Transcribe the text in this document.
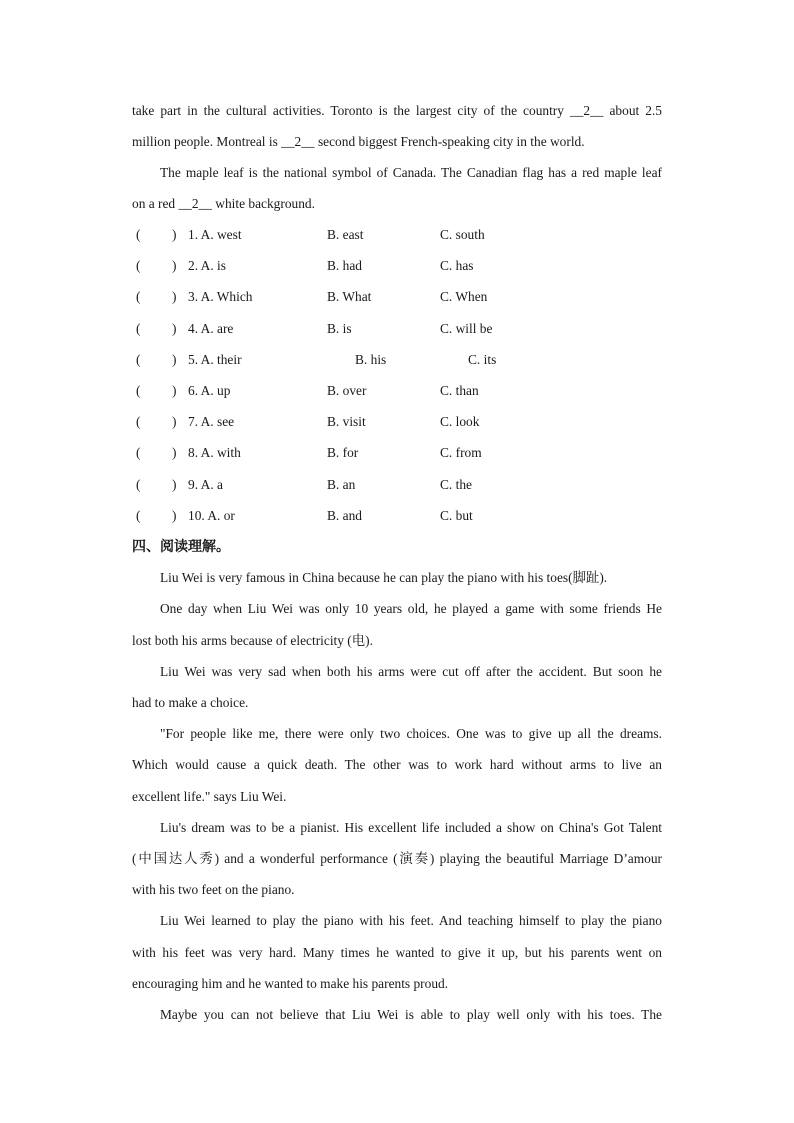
take part in the cultural activities. Toronto is the largest city of the country __2__ about 2.5
million people. Montreal is __2__ second biggest French-speaking city in the world.
The maple leaf is the national symbol of Canada. The Canadian flag has a red maple leaf
on a red __2__ white background.
( ) 1. A. west	B. east	C. south
( ) 2. A. is	B. had	C. has
( ) 3. A. Which	B. What	C. When
( ) 4. A. are	B. is	C. will be
( ) 5. A. their	B. his	C. its
( ) 6. A. up	B. over	C. than
( ) 7. A. see	B. visit	C. look
( ) 8. A. with	B. for	C. from
( ) 9. A. a	B. an	C. the
( ) 10. A. or	B. and	C. but
四、阅读理解。
Liu Wei is very famous in China because he can play the piano with his toes(脚趾).
One day when Liu Wei was only 10 years old, he played a game with some friends He
lost both his arms because of electricity (电).
Liu Wei was very sad when both his arms were cut off after the accident. But soon he
had to make a choice.
"For people like me, there were only two choices. One was to give up all the dreams.
Which would cause a quick death. The other was to work hard without arms to live an
excellent life." says Liu Wei.
Liu's dream was to be a pianist. His excellent life included a show on China's Got Talent
(中国达人秀) and a wonderful performance (演奏) playing the beautiful Marriage D’amour
with his two feet on the piano.
Liu Wei learned to play the piano with his feet. And teaching himself to play the piano
with his feet was very hard. Many times he wanted to give it up, but his parents went on
encouraging him and he wanted to make his parents proud.
Maybe you can not believe that Liu Wei is able to play well only with his toes. The
